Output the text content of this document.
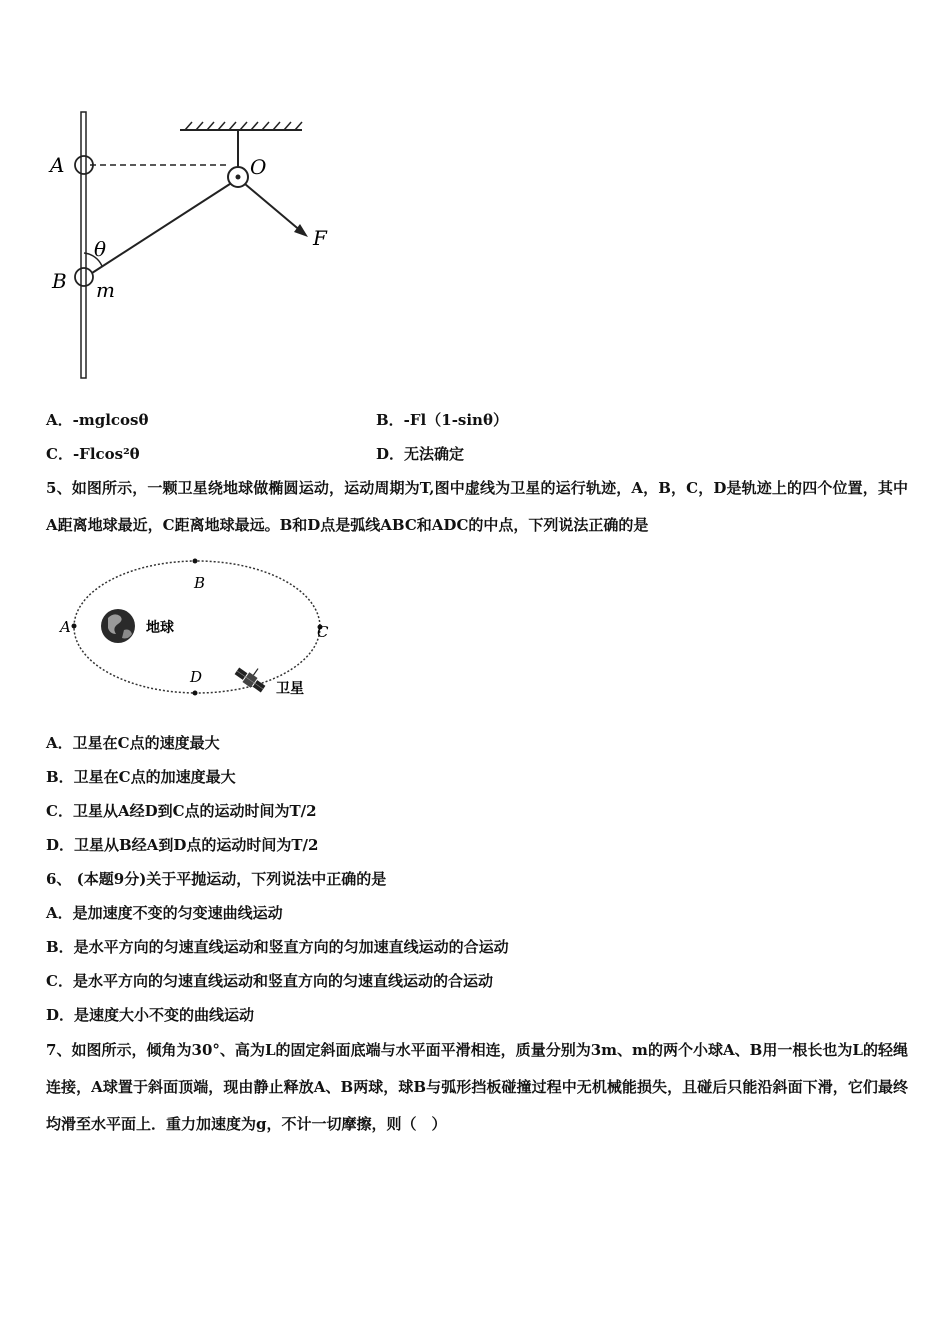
A	O
F
θ
B m
A．-mglcosθ	B．-Fl（1-sinθ）
C．-Flcos²θ	D．无法确定
5、如图所示，一颗卫星绕地球做椭圆运动，运动周期为T,图中虚线为卫星的运行轨迹，A，B，C，D是轨迹上的四个位置，其中A距离地球最近，C距离地球最远。B和D点是弧线ABC和ADC的中点，下列说法正确的是
地球
A
B
C
D
卫星
A．卫星在C点的速度最大
B．卫星在C点的加速度最大
C．卫星从A经D到C点的运动时间为T/2
D．卫星从B经A到D点的运动时间为T/2
6、 (本题9分)关于平抛运动，下列说法中正确的是
A．是加速度不变的匀变速曲线运动
B．是水平方向的匀速直线运动和竖直方向的匀加速直线运动的合运动
C．是水平方向的匀速直线运动和竖直方向的匀速直线运动的合运动
D．是速度大小不变的曲线运动
7、如图所示，倾角为30°、高为L的固定斜面底端与水平面平滑相连，质量分别为3m、m的两个小球A、B用一根长也为L的轻绳连接，A球置于斜面顶端，现由静止释放A、B两球，球B与弧形挡板碰撞过程中无机械能损失，且碰后只能沿斜面下滑，它们最终均滑至水平面上．重力加速度为g，不计一切摩擦，则（　）
